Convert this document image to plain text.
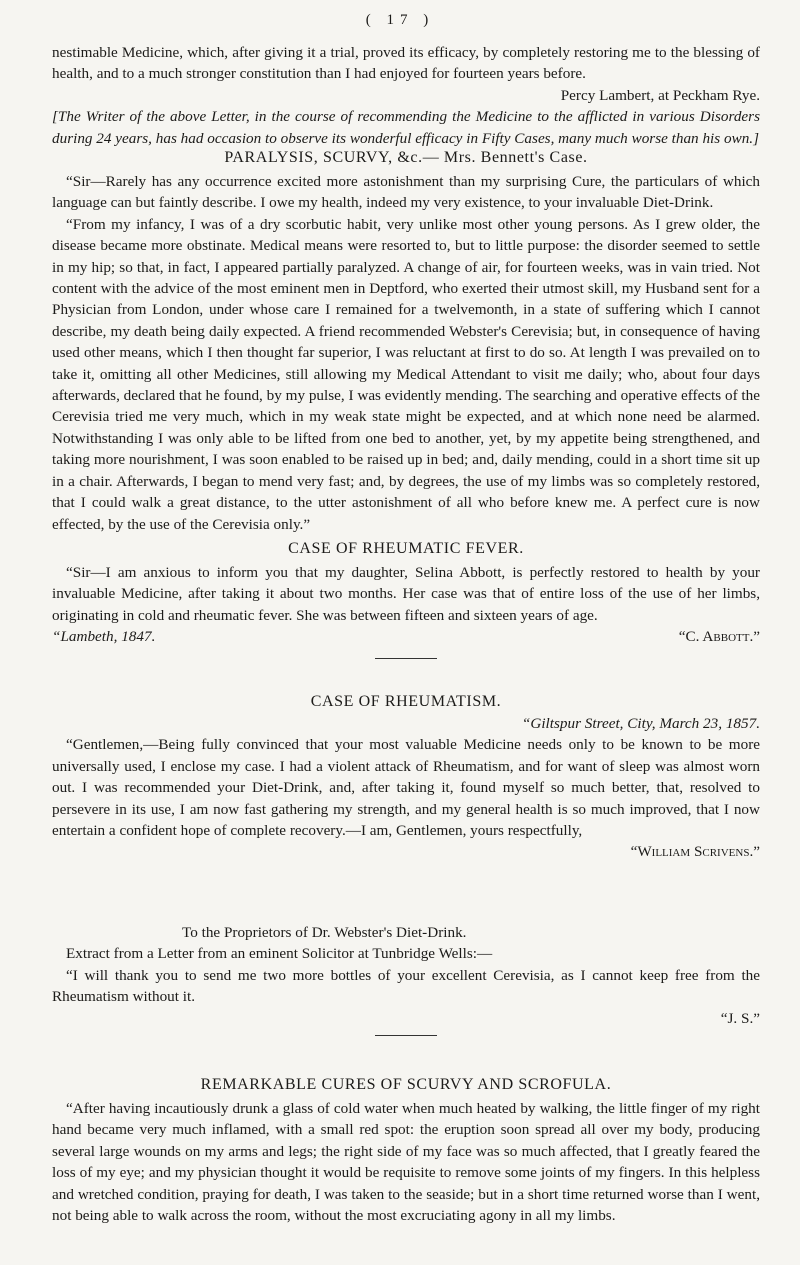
( 17 )

nestimable Medicine, which, after giving it a trial, proved its efficacy, by completely restoring me to the blessing of health, and to a much stronger constitution than I had enjoyed for fourteen years before.

Percy Lambert, at Peckham Rye.

[The Writer of the above Letter, in the course of recommending the Medicine to the afflicted in various Disorders during 24 years, has had occasion to observe its wonderful efficacy in Fifty Cases, many much worse than his own.]

PARALYSIS, SCURVY, &c.— Mrs. Bennett's Case.

“Sir—Rarely has any occurrence excited more astonishment than my surprising Cure, the particulars of which language can but faintly describe. I owe my health, indeed my very existence, to your invaluable Diet-Drink.

“From my infancy, I was of a dry scorbutic habit, very unlike most other young persons. As I grew older, the disease became more obstinate. Medical means were resorted to, but to little purpose: the disorder seemed to settle in my hip; so that, in fact, I appeared partially paralyzed. A change of air, for fourteen weeks, was in vain tried. Not content with the advice of the most eminent men in Deptford, who exerted their utmost skill, my Husband sent for a Physician from London, under whose care I remained for a twelvemonth, in a state of suffering which I cannot describe, my death being daily expected. A friend recommended Webster's Cerevisia; but, in consequence of having used other means, which I then thought far superior, I was reluctant at first to do so. At length I was prevailed on to take it, omitting all other Medicines, still allowing my Medical Attendant to visit me daily; who, about four days afterwards, declared that he found, by my pulse, I was evidently mending. The searching and operative effects of the Cerevisia tried me very much, which in my weak state might be expected, and at which none need be alarmed. Notwithstanding I was only able to be lifted from one bed to another, yet, by my appetite being strengthened, and taking more nourishment, I was soon enabled to be raised up in bed; and, daily mending, could in a short time sit up in a chair. Afterwards, I began to mend very fast; and, by degrees, the use of my limbs was so completely restored, that I could walk a great distance, to the utter astonishment of all who before knew me. A perfect cure is now effected, by the use of the Cerevisia only.”

CASE OF RHEUMATIC FEVER.

“Sir—I am anxious to inform you that my daughter, Selina Abbott, is perfectly restored to health by your invaluable Medicine, after taking it about two months. Her case was that of entire loss of the use of her limbs, originating in cold and rheumatic fever. She was between fifteen and sixteen years of age.

“Lambeth, 1847.	“C. Abbott.”

CASE OF RHEUMATISM.

“Giltspur Street, City, March 23, 1857.

“Gentlemen,—Being fully convinced that your most valuable Medicine needs only to be known to be more universally used, I enclose my case. I had a violent attack of Rheumatism, and for want of sleep was almost worn out. I was recommended your Diet-Drink, and, after taking it, found myself so much better, that, resolved to persevere in its use, I am now fast gathering my strength, and my general health is so much improved, that I now entertain a confident hope of complete recovery.—I am, Gentlemen, yours respectfully,

“William Scrivens.”

To the Proprietors of Dr. Webster's Diet-Drink.

Extract from a Letter from an eminent Solicitor at Tunbridge Wells:—

“I will thank you to send me two more bottles of your excellent Cerevisia, as I cannot keep free from the Rheumatism without it.

“J. S.”

REMARKABLE CURES OF SCURVY AND SCROFULA.

“After having incautiously drunk a glass of cold water when much heated by walking, the little finger of my right hand became very much inflamed, with a small red spot: the eruption soon spread all over my body, producing several large wounds on my arms and legs; the right side of my face was so much affected, that I greatly feared the loss of my eye; and my physician thought it would be requisite to remove some joints of my fingers. In this helpless and wretched condition, praying for death, I was taken to the seaside; but in a short time returned worse than I went, not being able to walk across the room, without the most excruciating agony in all my limbs.
